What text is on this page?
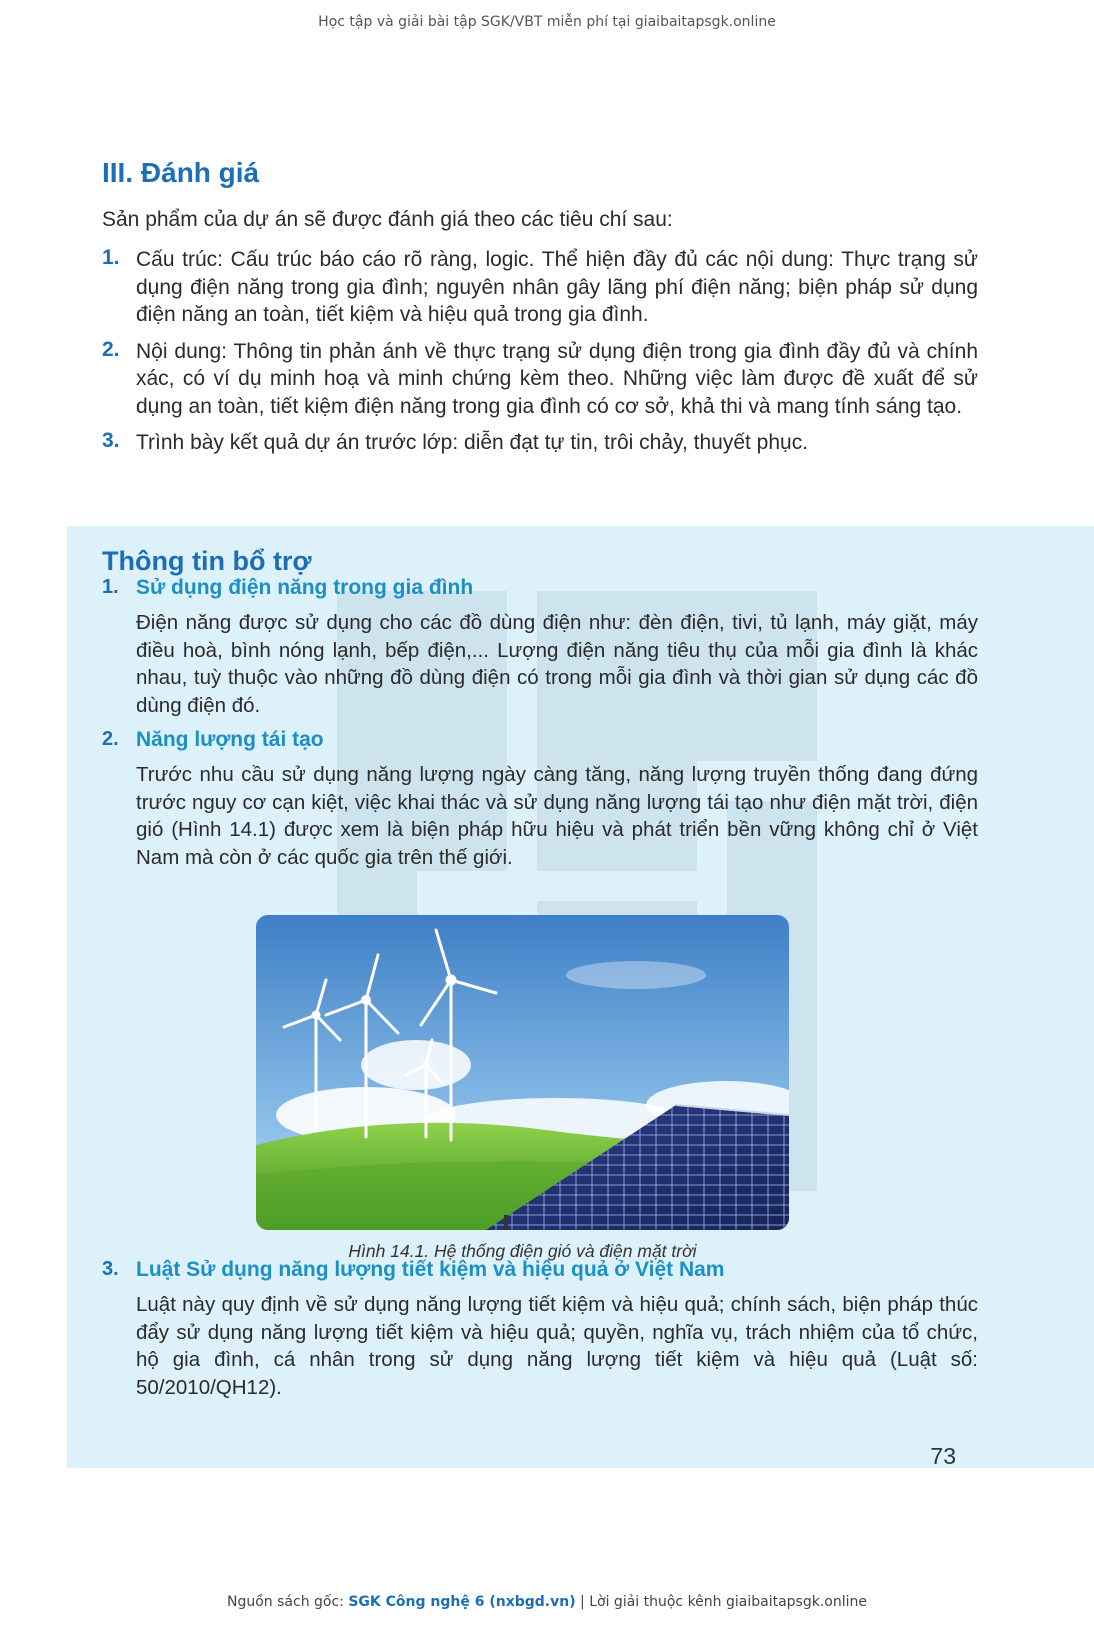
Học tập và giải bài tập SGK/VBT miễn phí tại giaibaitapsgk.online
III. Đánh giá
Sản phẩm của dự án sẽ được đánh giá theo các tiêu chí sau:
1. Cấu trúc: Cấu trúc báo cáo rõ ràng, logic. Thể hiện đầy đủ các nội dung: Thực trạng sử dụng điện năng trong gia đình; nguyên nhân gây lãng phí điện năng; biện pháp sử dụng điện năng an toàn, tiết kiệm và hiệu quả trong gia đình.
2. Nội dung: Thông tin phản ánh về thực trạng sử dụng điện trong gia đình đầy đủ và chính xác, có ví dụ minh hoạ và minh chứng kèm theo. Những việc làm được đề xuất để sử dụng an toàn, tiết kiệm điện năng trong gia đình có cơ sở, khả thi và mang tính sáng tạo.
3. Trình bày kết quả dự án trước lớp: diễn đạt tự tin, trôi chảy, thuyết phục.
Thông tin bổ trợ
1. Sử dụng điện năng trong gia đình
Điện năng được sử dụng cho các đồ dùng điện như: đèn điện, tivi, tủ lạnh, máy giặt, máy điều hoà, bình nóng lạnh, bếp điện,... Lượng điện năng tiêu thụ của mỗi gia đình là khác nhau, tuỳ thuộc vào những đồ dùng điện có trong mỗi gia đình và thời gian sử dụng các đồ dùng điện đó.
2. Năng lượng tái tạo
Trước nhu cầu sử dụng năng lượng ngày càng tăng, năng lượng truyền thống đang đứng trước nguy cơ cạn kiệt, việc khai thác và sử dụng năng lượng tái tạo như điện mặt trời, điện gió (Hình 14.1) được xem là biện pháp hữu hiệu và phát triển bền vững không chỉ ở Việt Nam mà còn ở các quốc gia trên thế giới.
Hình 14.1. Hệ thống điện gió và điện mặt trời
3. Luật Sử dụng năng lượng tiết kiệm và hiệu quả ở Việt Nam
Luật này quy định về sử dụng năng lượng tiết kiệm và hiệu quả; chính sách, biện pháp thúc đẩy sử dụng năng lượng tiết kiệm và hiệu quả; quyền, nghĩa vụ, trách nhiệm của tổ chức, hộ gia đình, cá nhân trong sử dụng năng lượng tiết kiệm và hiệu quả (Luật số: 50/2010/QH12).
73
Nguồn sách gốc: SGK Công nghệ 6 (nxbgd.vn) | Lời giải thuộc kênh giaibaitapsgk.online
